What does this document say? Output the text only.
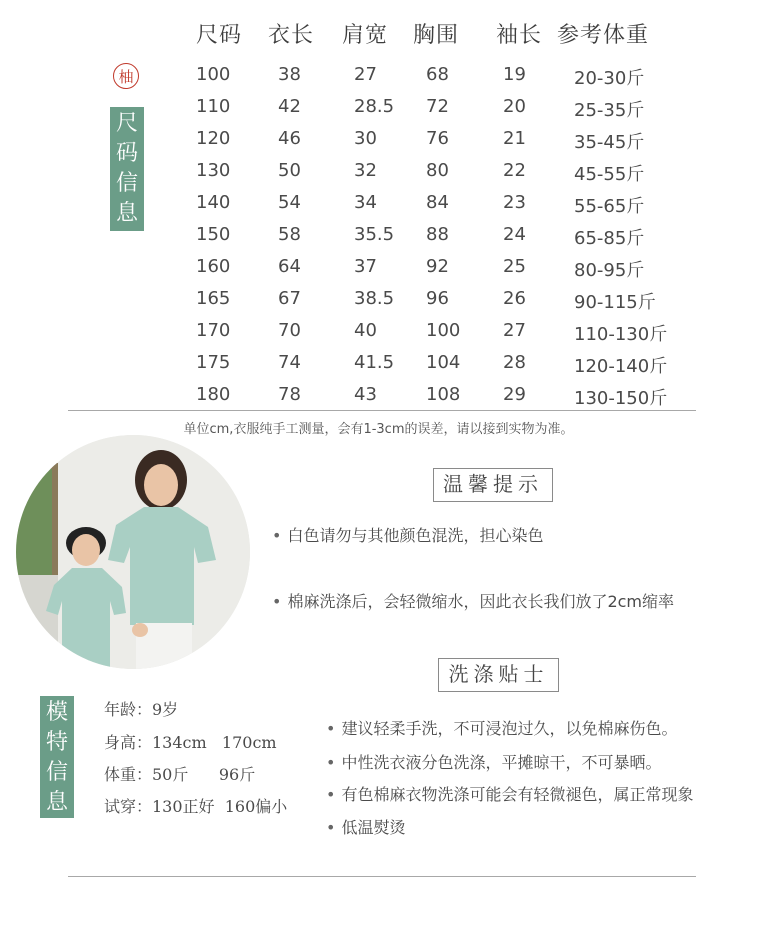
尺码 衣长 肩宽 胸围 袖长 参考体重
柚
尺
码
信
息
100	38	27	68	19	20-30斤
110	42	28.5 72	20	25-35斤
120	46	30	76	21	35-45斤
130	50	32	80	22	45-55斤
140	54	34	84	23	55-65斤
150	58	35.5 88	24	65-85斤
160	64	37	92	25	80-95斤
165	67	38.5 96	26	90-115斤
170	70	40	100 27	110-130斤
175	74	41.5 104 28	120-140斤
180	78	43	108 29	130-150斤
单位cm,衣服纯手工测量，会有1-3cm的误差，请以接到实物为准。
温馨提示
• 白色请勿与其他颜色混洗，担心染色
• 棉麻洗涤后，会轻微缩水，因此衣长我们放了2cm缩率
洗涤贴士
• 建议轻柔手洗，不可浸泡过久，以免棉麻伤色。
• 中性洗衣液分色洗涤，平摊晾干，不可暴晒。
• 有色棉麻衣物洗涤可能会有轻微褪色，属正常现象
• 低温熨烫
模
特
信
息
年龄：9岁
身高：134cm   170cm
体重：50斤      96斤
试穿：130正好  160偏小
